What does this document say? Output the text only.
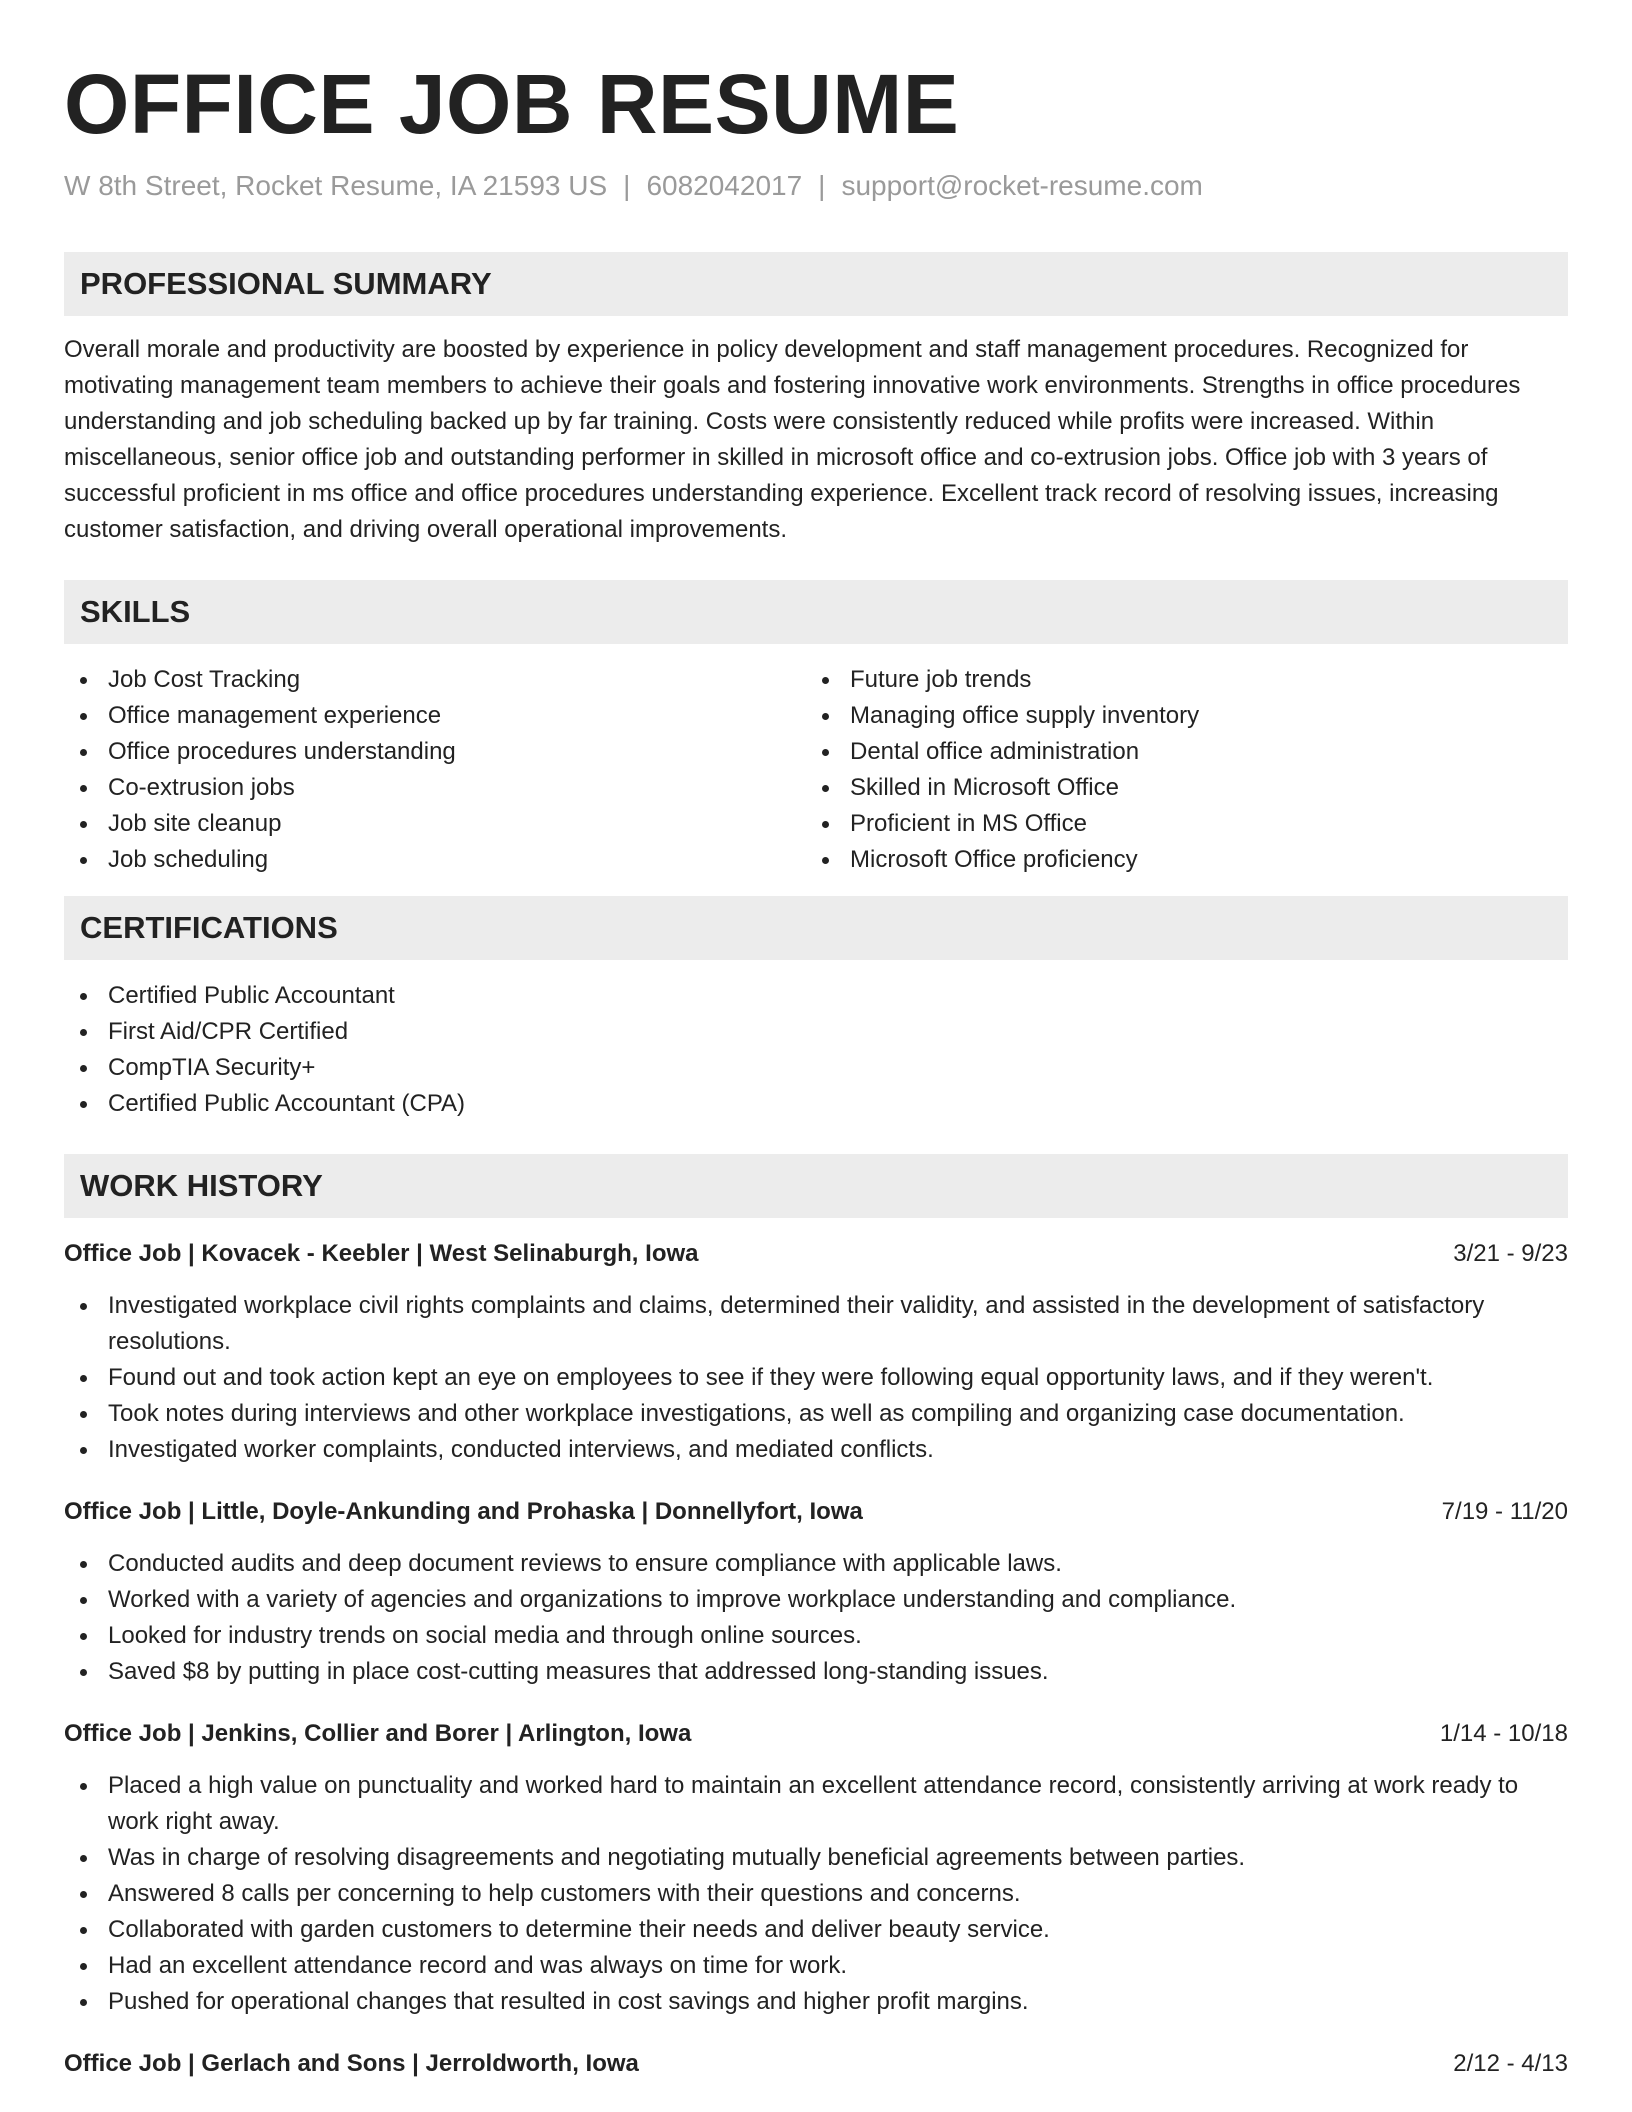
OFFICE JOB RESUME
W 8th Street, Rocket Resume, IA 21593 US | 6082042017 | support@rocket-resume.com
PROFESSIONAL SUMMARY

Overall morale and productivity are boosted by experience in policy development and staff management procedures. Recognized for motivating management team members to achieve their goals and fostering innovative work environments. Strengths in office procedures understanding and job scheduling backed up by far training. Costs were consistently reduced while profits were increased. Within miscellaneous, senior office job and outstanding performer in skilled in microsoft office and co-extrusion jobs. Office job with 3 years of successful proficient in ms office and office procedures understanding experience. Excellent track record of resolving issues, increasing customer satisfaction, and driving overall operational improvements.

SKILLS
Job Cost Tracking
Office management experience
Office procedures understanding
Co-extrusion jobs
Job site cleanup
Job scheduling
Future job trends
Managing office supply inventory
Dental office administration
Skilled in Microsoft Office
Proficient in MS Office
Microsoft Office proficiency
CERTIFICATIONS
Certified Public Accountant
First Aid/CPR Certified
CompTIA Security+
Certified Public Accountant (CPA)
WORK HISTORY
Office Job | Kovacek - Keebler | West Selinaburgh, Iowa	3/21 - 9/23
Investigated workplace civil rights complaints and claims, determined their validity, and assisted in the development of satisfactory resolutions.
Found out and took action kept an eye on employees to see if they were following equal opportunity laws, and if they weren't.
Took notes during interviews and other workplace investigations, as well as compiling and organizing case documentation.
Investigated worker complaints, conducted interviews, and mediated conflicts.
Office Job | Little, Doyle-Ankunding and Prohaska | Donnellyfort, Iowa	7/19 - 11/20
Conducted audits and deep document reviews to ensure compliance with applicable laws.
Worked with a variety of agencies and organizations to improve workplace understanding and compliance.
Looked for industry trends on social media and through online sources.
Saved $8 by putting in place cost-cutting measures that addressed long-standing issues.
Office Job | Jenkins, Collier and Borer | Arlington, Iowa	1/14 - 10/18
Placed a high value on punctuality and worked hard to maintain an excellent attendance record, consistently arriving at work ready to work right away.
Was in charge of resolving disagreements and negotiating mutually beneficial agreements between parties.
Answered 8 calls per concerning to help customers with their questions and concerns.
Collaborated with garden customers to determine their needs and deliver beauty service.
Had an excellent attendance record and was always on time for work.
Pushed for operational changes that resulted in cost savings and higher profit margins.
Office Job | Gerlach and Sons | Jerroldworth, Iowa	2/12 - 4/13
